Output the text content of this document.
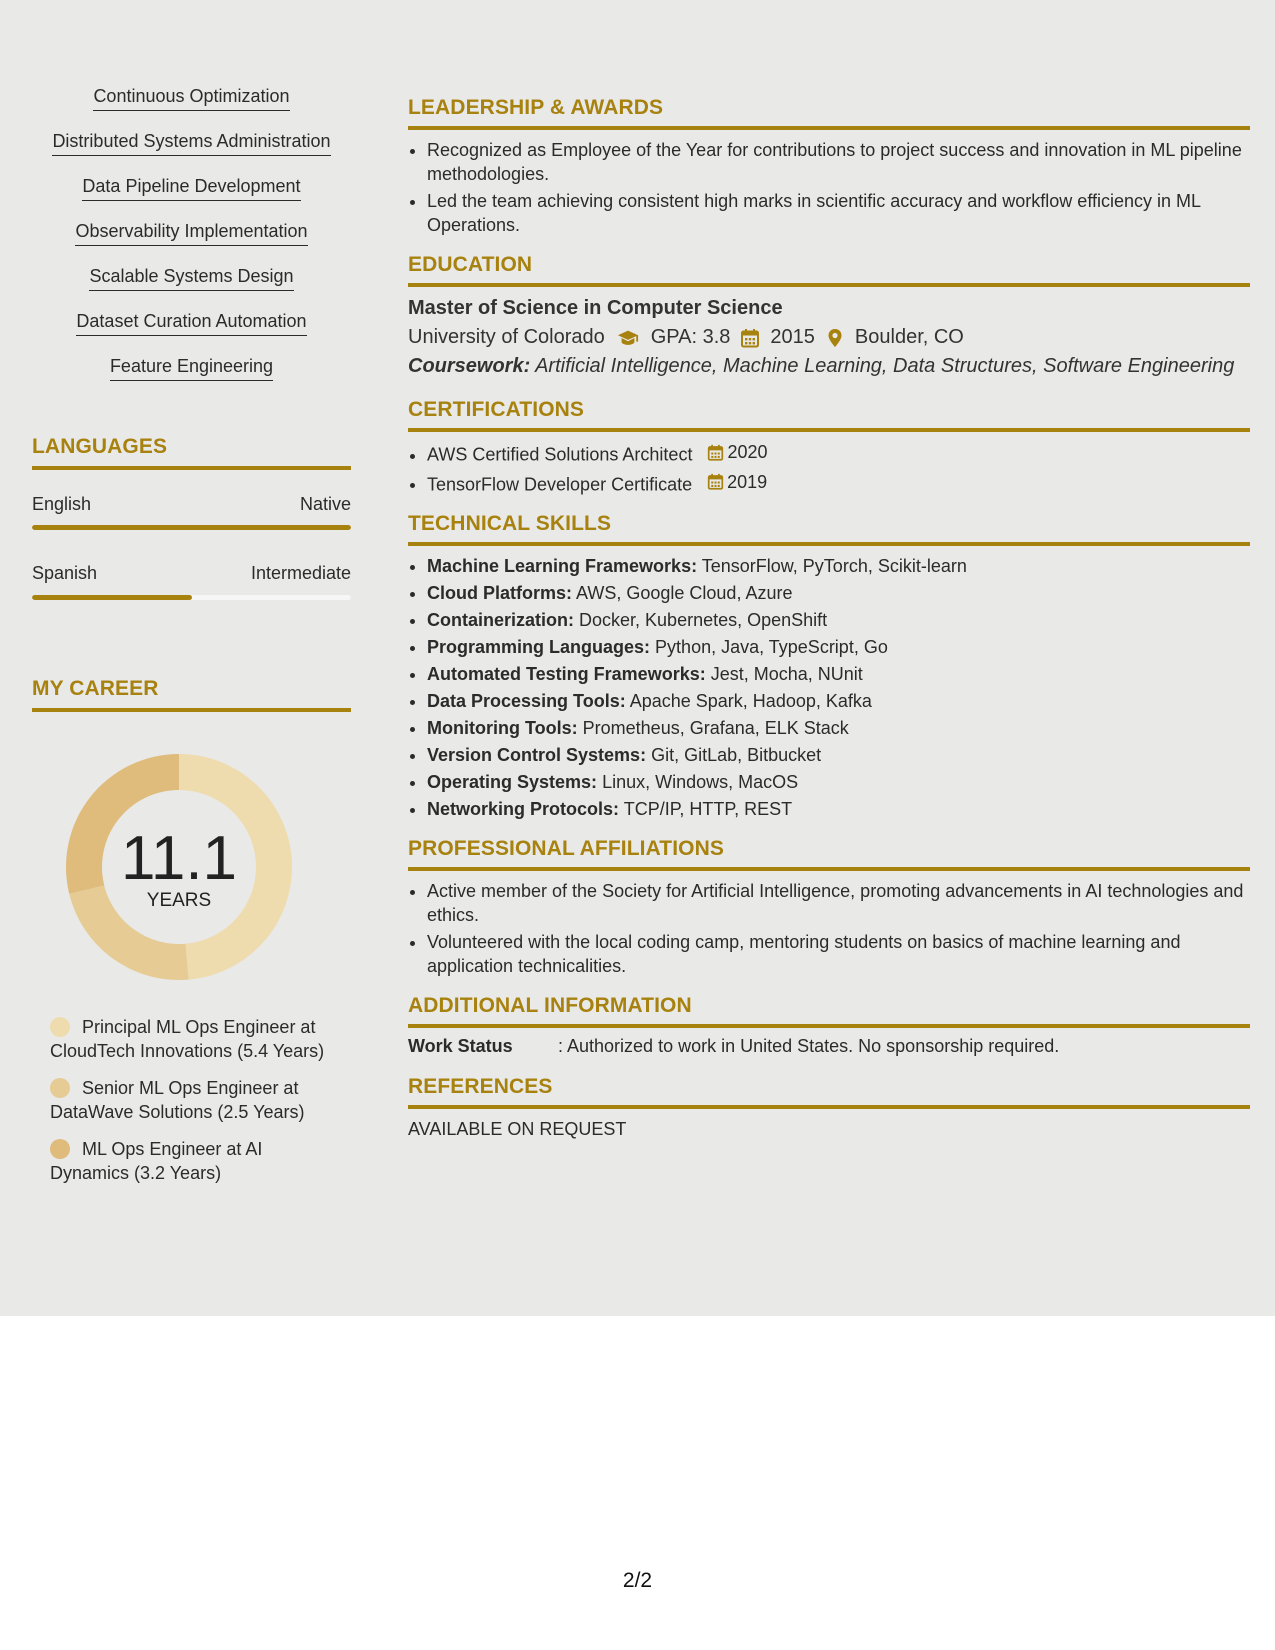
Continuous Optimization
Distributed Systems Administration
Data Pipeline Development
Observability Implementation
Scalable Systems Design
Dataset Curation Automation
Feature Engineering
LANGUAGES
English	Native
Spanish	Intermediate
MY CAREER
11.1
YEARS
Principal ML Ops Engineer at CloudTech Innovations (5.4 Years)
Senior ML Ops Engineer at DataWave Solutions (2.5 Years)
ML Ops Engineer at AI Dynamics (3.2 Years)
LEADERSHIP & AWARDS
• Recognized as Employee of the Year for contributions to project success and innovation in ML pipeline methodologies.
• Led the team achieving consistent high marks in scientific accuracy and workflow efficiency in ML Operations.
EDUCATION
Master of Science in Computer Science
University of Colorado GPA: 3.8 2015 Boulder, CO
Coursework: Artificial Intelligence, Machine Learning, Data Structures, Software Engineering
CERTIFICATIONS
• AWS Certified Solutions Architect 2020
• TensorFlow Developer Certificate 2019
TECHNICAL SKILLS
• Machine Learning Frameworks: TensorFlow, PyTorch, Scikit-learn
• Cloud Platforms: AWS, Google Cloud, Azure
• Containerization: Docker, Kubernetes, OpenShift
• Programming Languages: Python, Java, TypeScript, Go
• Automated Testing Frameworks: Jest, Mocha, NUnit
• Data Processing Tools: Apache Spark, Hadoop, Kafka
• Monitoring Tools: Prometheus, Grafana, ELK Stack
• Version Control Systems: Git, GitLab, Bitbucket
• Operating Systems: Linux, Windows, MacOS
• Networking Protocols: TCP/IP, HTTP, REST
PROFESSIONAL AFFILIATIONS
• Active member of the Society for Artificial Intelligence, promoting advancements in AI technologies and ethics.
• Volunteered with the local coding camp, mentoring students on basics of machine learning and application technicalities.
ADDITIONAL INFORMATION
Work Status	: Authorized to work in United States. No sponsorship required.
REFERENCES
AVAILABLE ON REQUEST
2/2
